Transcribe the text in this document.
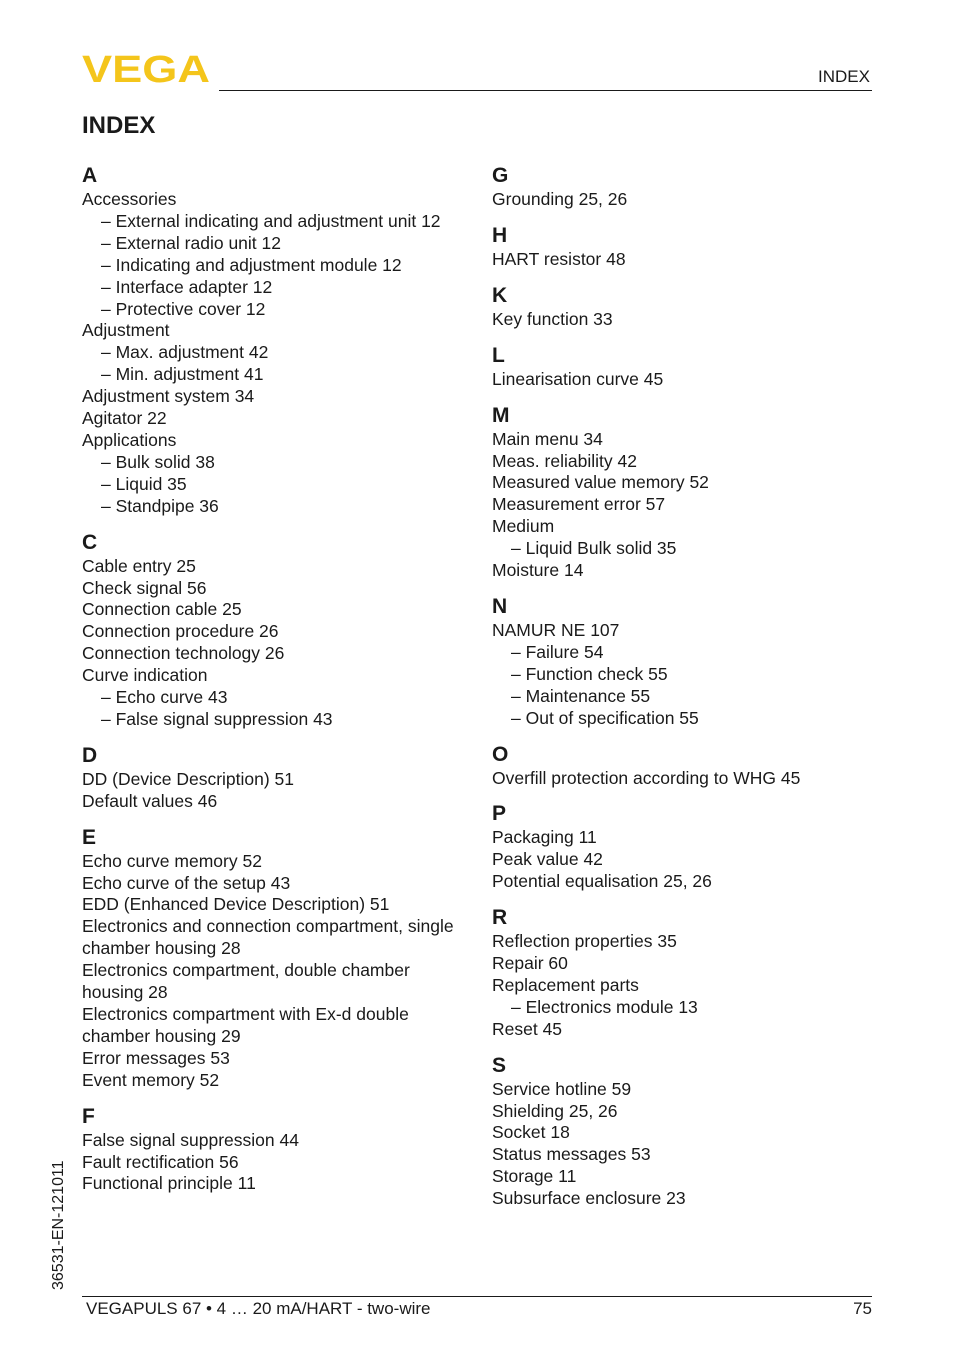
VEGA	INDEX
INDEX
A
Accessories
– External indicating and adjustment unit 12
– External radio unit 12
– Indicating and adjustment module 12
– Interface adapter 12
– Protective cover 12
Adjustment
– Max. adjustment 42
– Min. adjustment 41
Adjustment system 34
Agitator 22
Applications
– Bulk solid 38
– Liquid 35
– Standpipe 36
C
Cable entry 25
Check signal 56
Connection cable 25
Connection procedure 26
Connection technology 26
Curve indication
– Echo curve 43
– False signal suppression 43
D
DD (Device Description) 51
Default values 46
E
Echo curve memory 52
Echo curve of the setup 43
EDD (Enhanced Device Description) 51
Electronics and connection compartment, single chamber housing 28
Electronics compartment, double chamber housing 28
Electronics compartment with Ex-d double chamber housing 29
Error messages 53
Event memory 52
F
False signal suppression 44
Fault rectification 56
Functional principle 11
G
Grounding 25, 26
H
HART resistor 48
K
Key function 33
L
Linearisation curve 45
M
Main menu 34
Meas. reliability 42
Measured value memory 52
Measurement error 57
Medium
– Liquid Bulk solid 35
Moisture 14
N
NAMUR NE 107
– Failure 54
– Function check 55
– Maintenance 55
– Out of specification 55
O
Overfill protection according to WHG 45
P
Packaging 11
Peak value 42
Potential equalisation 25, 26
R
Reflection properties 35
Repair 60
Replacement parts
– Electronics module 13
Reset 45
S
Service hotline 59
Shielding 25, 26
Socket 18
Status messages 53
Storage 11
Subsurface enclosure 23
VEGAPULS 67 • 4 … 20 mA/HART - two-wire	75
36531-EN-121011
